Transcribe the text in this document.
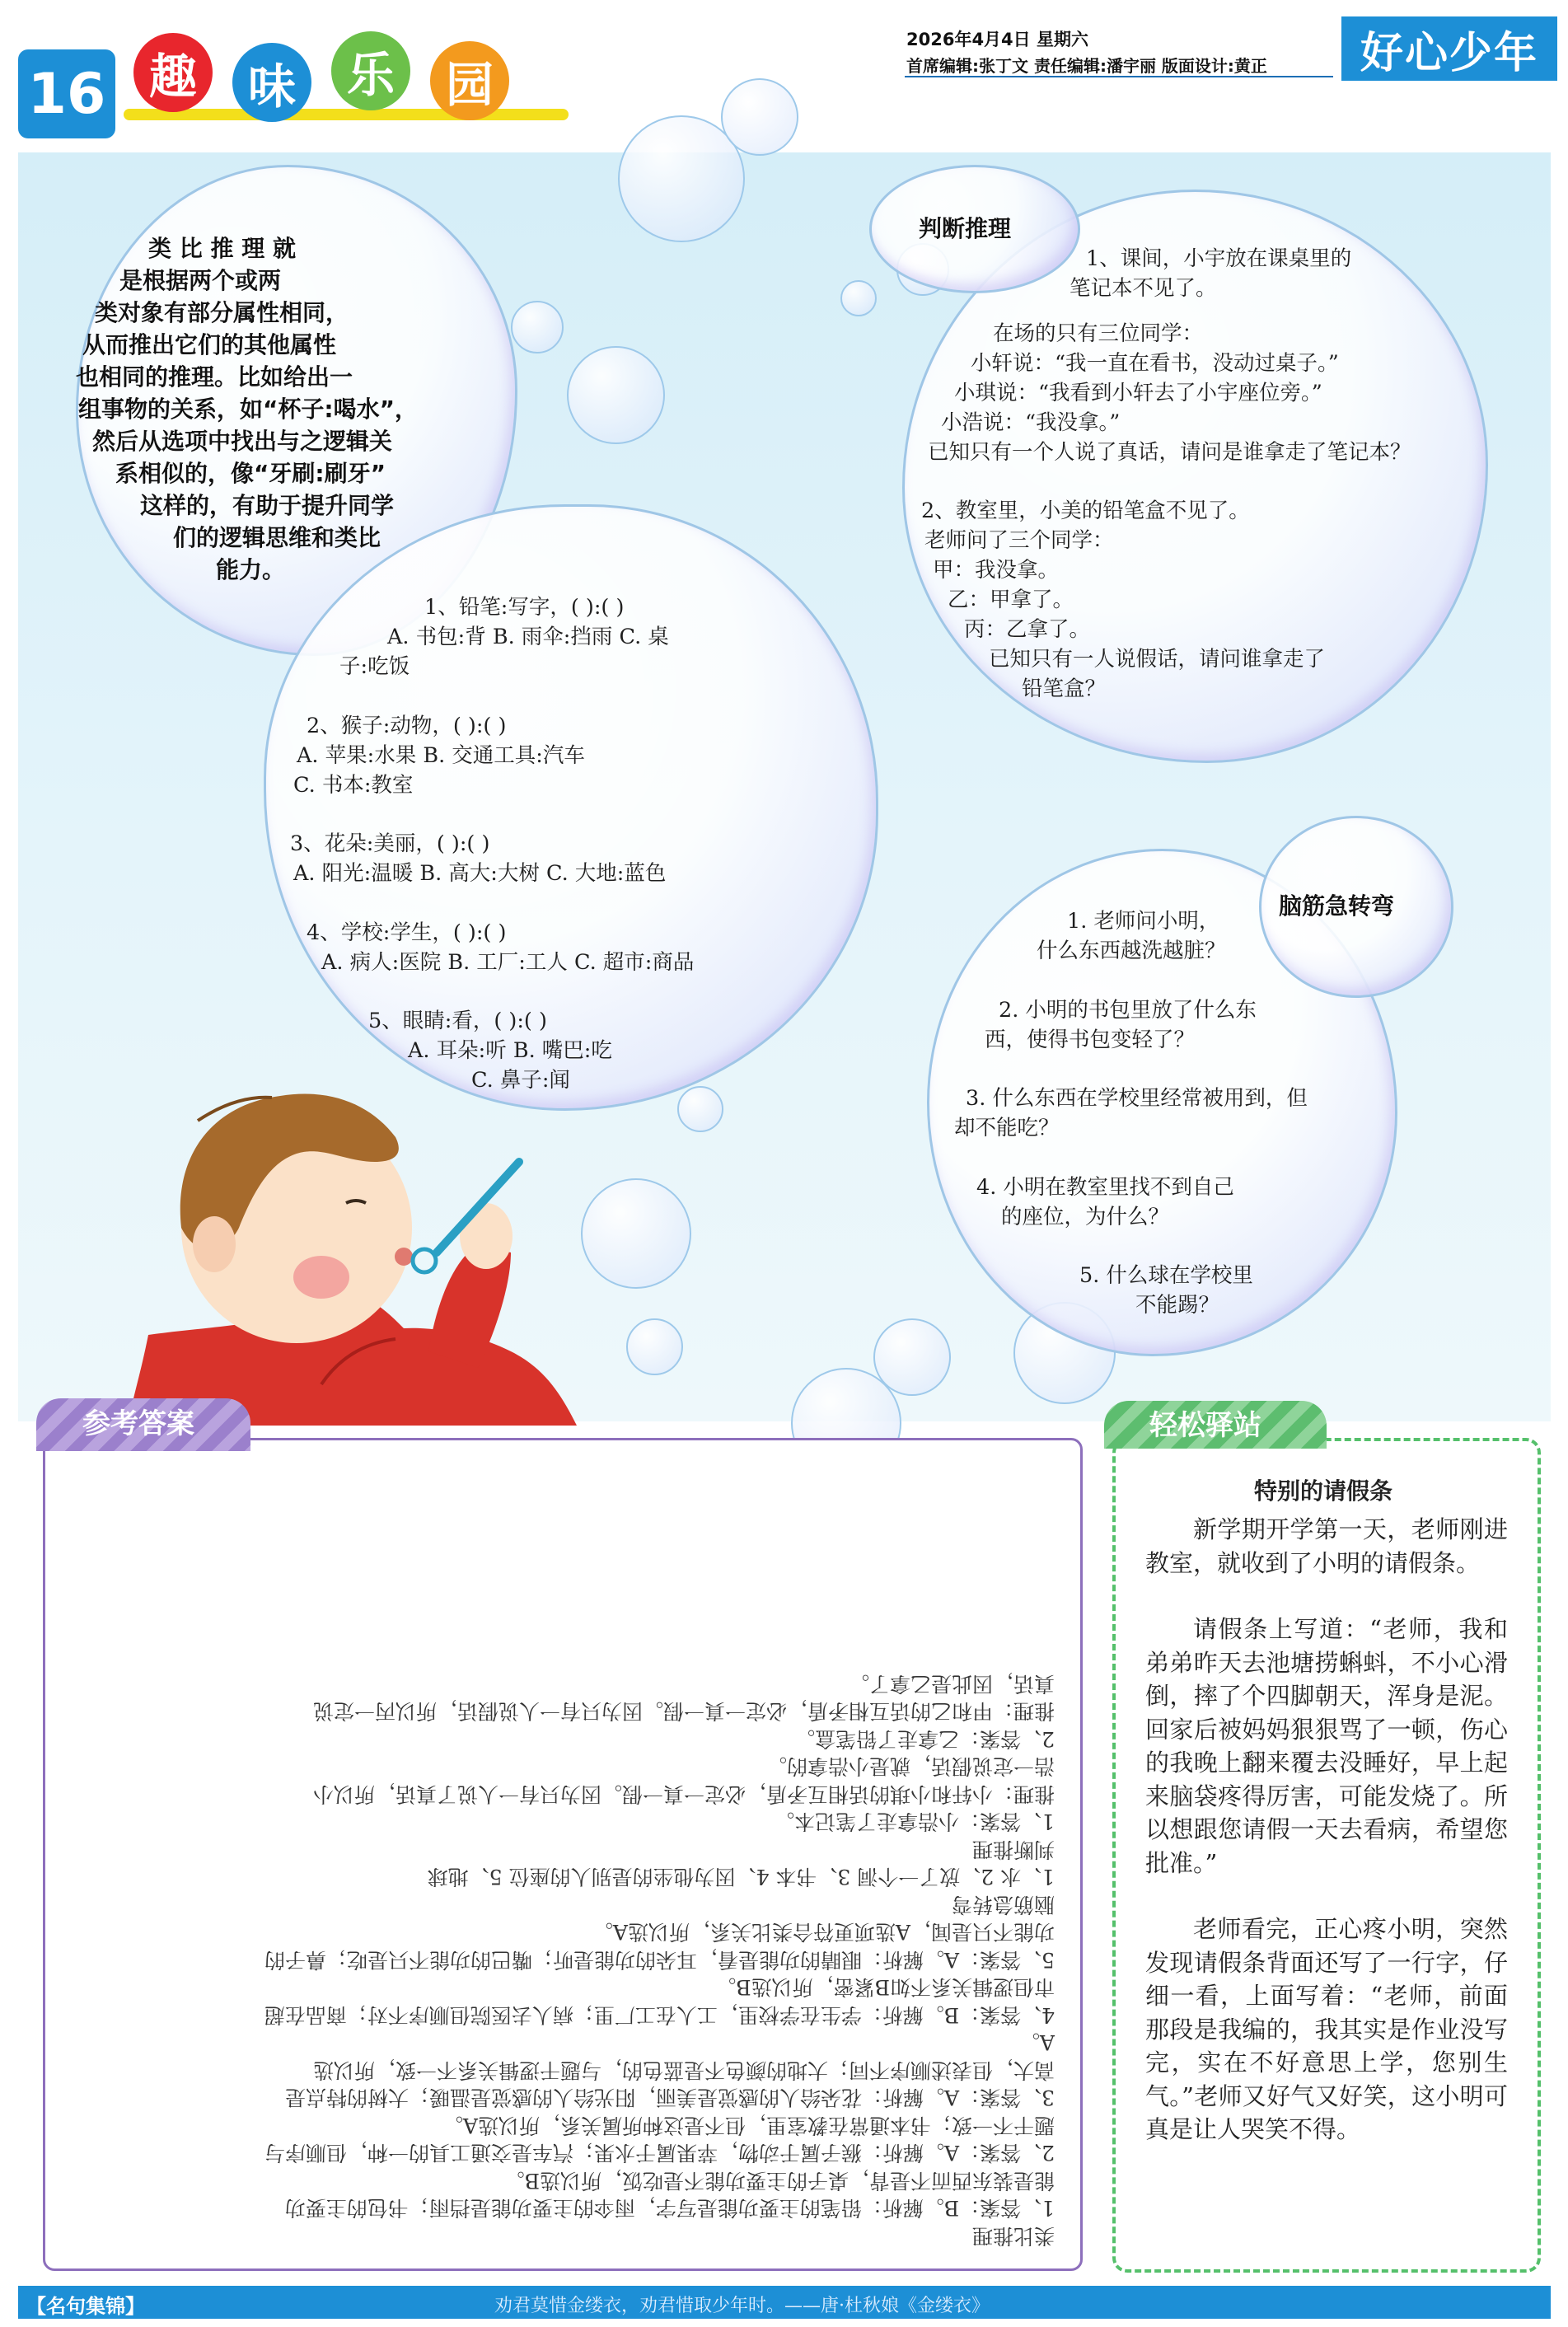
16 趣	味	乐	园
2026年4月4日 星期六
首席编辑:张丁文 责任编辑:潘宇丽 版面设计:黄正	好心少年
类 比 推 理 就
是根据两个或两
类对象有部分属性相同，
从而推出它们的其他属性
也相同的推理。比如给出一
组事物的关系，如“杯子:喝水”，
然后从选项中找出与之逻辑关
系相似的，像“牙刷:刷牙”
这样的，有助于提升同学
们的逻辑思维和类比
能力。
1、铅笔:写字，( ):( )
A. 书包:背 B. 雨伞:挡雨 C. 桌
子:吃饭
2、猴子:动物，( ):( )
A. 苹果:水果 B. 交通工具:汽车
C. 书本:教室
3、花朵:美丽，( ):( )
A. 阳光:温暖 B. 高大:大树 C. 大地:蓝色
4、学校:学生，( ):( )
A. 病人:医院 B. 工厂:工人 C. 超市:商品
5、眼睛:看，( ):( )
A. 耳朵:听 B. 嘴巴:吃
C. 鼻子:闻
判断推理
1、课间，小宇放在课桌里的
笔记本不见了。
在场的只有三位同学：
小轩说：“我一直在看书，没动过桌子。”
小琪说：“我看到小轩去了小宇座位旁。”
小浩说：“我没拿。”
已知只有一个人说了真话，请问是谁拿走了笔记本？
2、教室里，小美的铅笔盒不见了。
老师问了三个同学：
甲：我没拿。
乙：甲拿了。
丙：乙拿了。
已知只有一人说假话，请问谁拿走了
铅笔盒？
脑筋急转弯
1. 老师问小明，
什么东西越洗越脏？
2. 小明的书包里放了什么东
西，使得书包变轻了？
3. 什么东西在学校里经常被用到，但
却不能吃？
4. 小明在教室里找不到自己
的座位，为什么？
5. 什么球在学校里
不能踢？
参考答案

类比推理

1、答案：B。解析：铅笔的主要功能是写字，雨伞的主要功能是挡雨；书包的主要功

能是装东西而不是背，桌子的主要功能不是吃饭，所以选B。

2、答案：A。解析：猴子属于动物，苹果属于水果；汽车是交通工具的一种，但顺序与

题干不一致；书本通常在教室里，但不是这种所属关系，所以选A。

3、答案：A。解析：花朵给人的感觉是美丽，阳光给人的感觉是温暖；大树的特点是

高大，但表述顺序不同；大地的颜色不是蓝色的，与题干逻辑关系不一致，所以选

A。

4、答案：B。解析：学生在学校里，工人在工厂里；病人去医院但顺序不对；商品在超

市但逻辑关系不如B紧密，所以选B。

5、答案：A。解析：眼睛的功能是看，耳朵的功能是听；嘴巴的功能不只是吃；鼻子的

功能不只是闻，A选项更符合类比关系，所以选A。

脑筋急转弯

1、水 2、放了一个洞 3、书本 4、因为他坐的是别人的座位 5、地球

判断推理

1、答案：小浩拿走了笔记本。

推理：小轩和小琪的话相互矛盾，必定一真一假。因为只有一人说了真话，所以小

浩一定说假话，就是小浩拿的。

2、答案：乙拿走了铅笔盒。

推理：甲和乙的话互相矛盾，必定一真一假。因为只有一人说假话，所以丙一定说

真话，因此是乙拿了。

轻松驿站
特别的请假条

新学期开学第一天，老师刚进教室，就收到了小明的请假条。

请假条上写道：“老师，我和弟弟昨天去池塘捞蝌蚪，不小心滑倒，摔了个四脚朝天，浑身是泥。回家后被妈妈狠狠骂了一顿，伤心的我晚上翻来覆去没睡好，早上起来脑袋疼得厉害，可能发烧了。所以想跟您请假一天去看病，希望您批准。”

老师看完，正心疼小明，突然发现请假条背面还写了一行字，仔细一看，上面写着：“老师，前面那段是我编的，我其实是作业没写完，实在不好意思上学，您别生气。”老师又好气又好笑，这小明可真是让人哭笑不得。

【名句集锦】	劝君莫惜金缕衣，劝君惜取少年时。——唐·杜秋娘《金缕衣》
